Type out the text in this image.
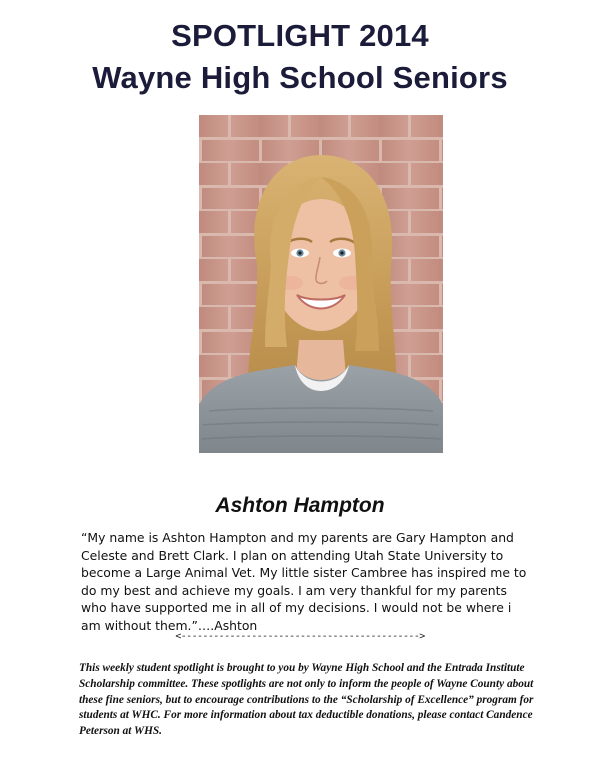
SPOTLIGHT 2014
Wayne High School Seniors
Ashton Hampton

“My name is Ashton Hampton and my parents are Gary Hampton and Celeste and Brett Clark. I plan on attending Utah State University to become a Large Animal Vet. My little sister Cambree has inspired me to do my best and achieve my goals. I am very thankful for my parents who have supported me in all of my decisions. I would not be where i am without them.”….Ashton

<-------------------------------------------->

This weekly student spotlight is brought to you by Wayne High School and the Entrada Institute Scholarship committee. These spotlights are not only to inform the people of Wayne County about these fine seniors, but to encourage contributions to the “Scholarship of Excellence” program for students at WHC. For more information about tax deductible donations, please contact Candence Peterson at WHS.
